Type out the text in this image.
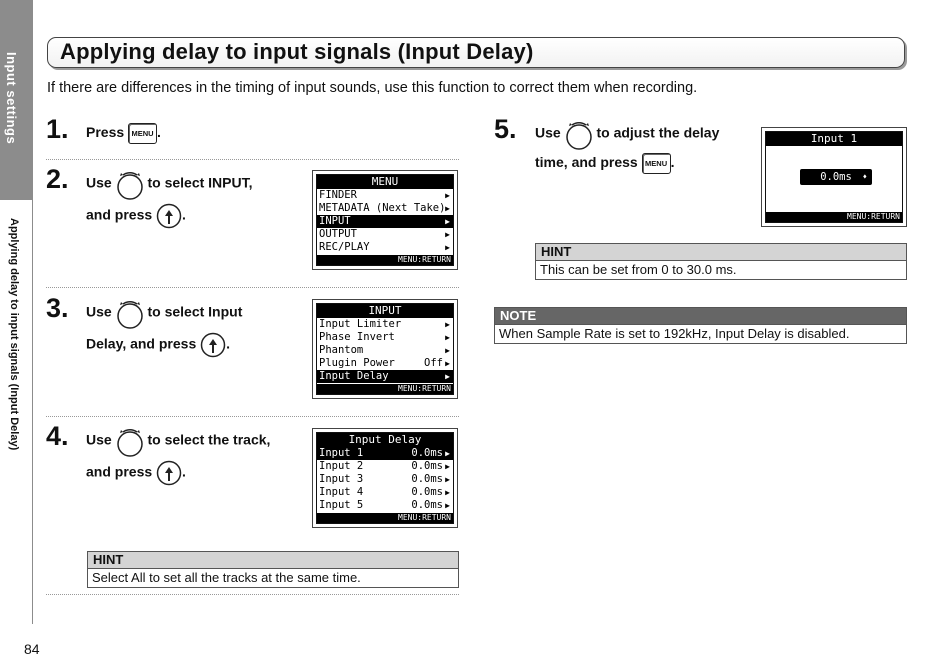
Input settings
Applying delay to input signals (Input Delay)
84
Applying delay to input signals (Input Delay)
If there are differences in the timing of input sounds, use this function to correct them when recording.
1. Press MENU .
2. Use	to select INPUT,
and press .
MENU
FINDER	▶
METADATA (Next Take) ▶
INPUT	▶
OUTPUT	▶
REC/PLAY	▶
MENU:RETURN
3. Use	to select Input
Delay, and press .
INPUT
Input Limiter	▶
Phase Invert	▶
Phantom	▶
Plugin Power	Off ▶
Input Delay	▶
MENU:RETURN
4. Use	to select the track,
and press .
Input Delay
Input 1	0.0ms ▶
Input 2	0.0ms ▶
Input 3	0.0ms ▶
Input 4	0.0ms ▶
Input 5	0.0ms ▶
MENU:RETURN
HINT
Select All to set all the tracks at the same time.
5. Use	to adjust the delay
time, and press MENU .
Input 1
0.0ms ♦
MENU:RETURN
HINT
This can be set from 0 to 30.0 ms.
NOTE
When Sample Rate is set to 192kHz, Input Delay is disabled.
